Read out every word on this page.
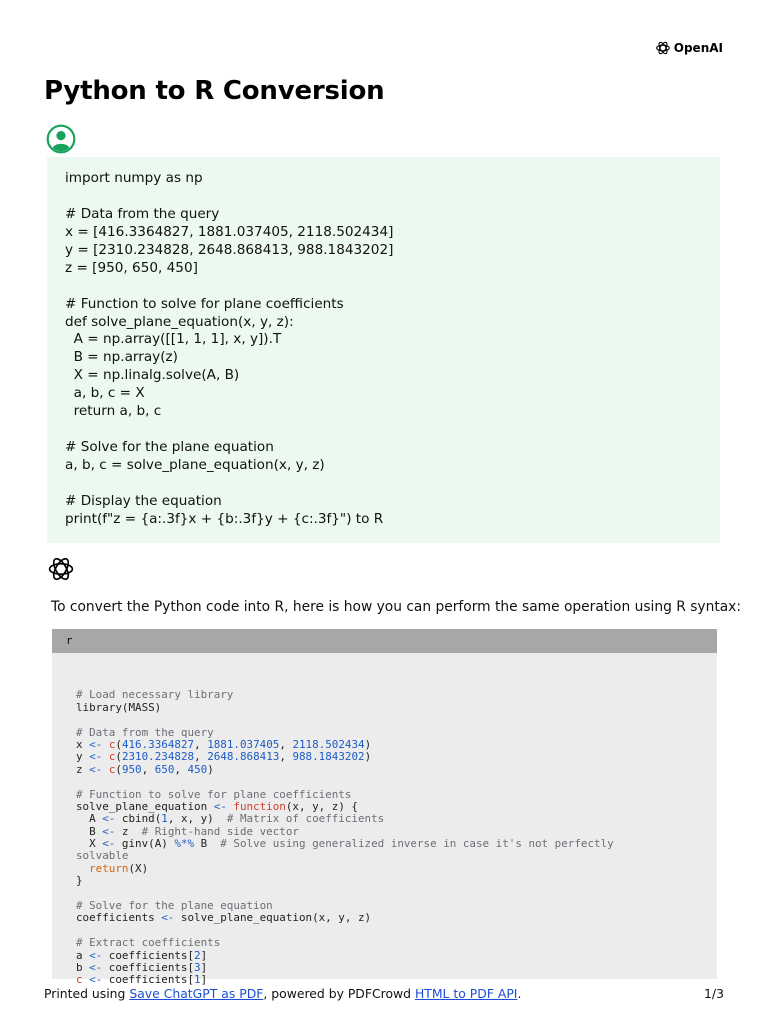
OpenAI
Python to R Conversion
import numpy as np
# Data from the query
x = [416.3364827, 1881.037405, 2118.502434]
y = [2310.234828, 2648.868413, 988.1843202]
z = [950, 650, 450]
# Function to solve for plane coefficients
def solve_plane_equation(x, y, z):
A = np.array([[1, 1, 1], x, y]).T
B = np.array(z)
X = np.linalg.solve(A, B)
a, b, c = X
return a, b, c
# Solve for the plane equation
a, b, c = solve_plane_equation(x, y, z)
# Display the equation
print(f"z = {a:.3f}x + {b:.3f}y + {c:.3f}") to R

To convert the Python code into R, here is how you can perform the same operation using R syntax:

r
# Load necessary library
library(MASS)
# Data from the query
x <- c(416.3364827, 1881.037405, 2118.502434)
y <- c(2310.234828, 2648.868413, 988.1843202)
z <- c(950, 650, 450)
# Function to solve for plane coefficients
solve_plane_equation <- function(x, y, z) {
A <- cbind(1, x, y)  # Matrix of coefficients
B <- z  # Right-hand side vector
X <- ginv(A) %*% B  # Solve using generalized inverse in case it's not perfectly
solvable
return(X)
}
# Solve for the plane equation
coefficients <- solve_plane_equation(x, y, z)
# Extract coefficients
a <- coefficients[2]
b <- coefficients[3]
c <- coefficients[1]
Printed using Save ChatGPT as PDF, powered by PDFCrowd HTML to PDF API.	1/3
